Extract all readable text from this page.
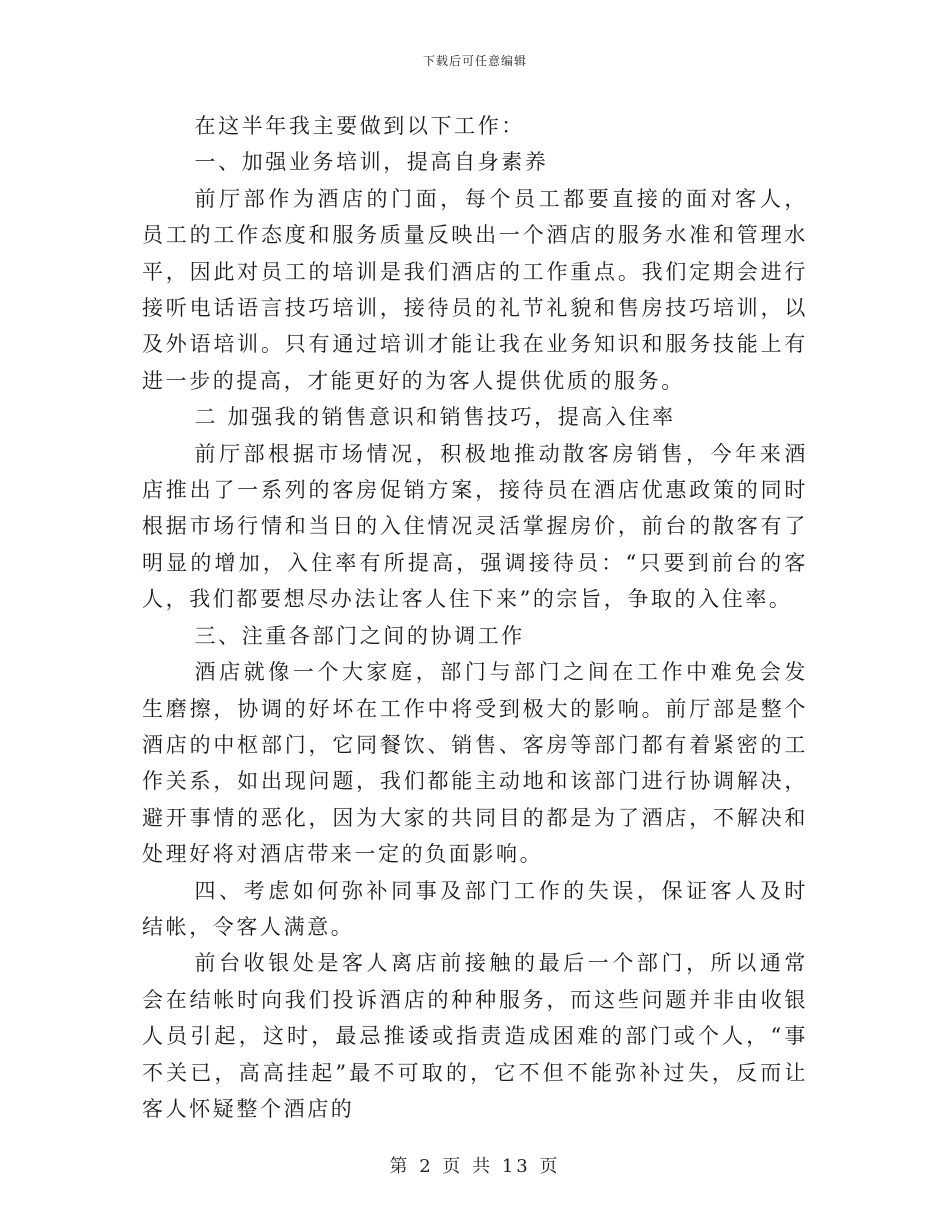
下载后可任意编辑

在这半年我主要做到以下工作：

一、加强业务培训，提高自身素养

前厅部作为酒店的门面，每个员工都要直接的面对客人，员工的工作态度和服务质量反映出一个酒店的服务水准和管理水平，因此对员工的培训是我们酒店的工作重点。我们定期会进行接听电话语言技巧培训，接待员的礼节礼貌和售房技巧培训，以及外语培训。只有通过培训才能让我在业务知识和服务技能上有进一步的提高，才能更好的为客人提供优质的服务。

二 加强我的销售意识和销售技巧，提高入住率

前厅部根据市场情况，积极地推动散客房销售，今年来酒店推出了一系列的客房促销方案，接待员在酒店优惠政策的同时根据市场行情和当日的入住情况灵活掌握房价，前台的散客有了明显的增加，入住率有所提高，强调接待员：“只要到前台的客人，我们都要想尽办法让客人住下来”的宗旨，争取的入住率。

三、注重各部门之间的协调工作

酒店就像一个大家庭，部门与部门之间在工作中难免会发生磨擦，协调的好坏在工作中将受到极大的影响。前厅部是整个酒店的中枢部门，它同餐饮、销售、客房等部门都有着紧密的工作关系，如出现问题，我们都能主动地和该部门进行协调解决，避开事情的恶化，因为大家的共同目的都是为了酒店，不解决和处理好将对酒店带来一定的负面影响。

四、考虑如何弥补同事及部门工作的失误，保证客人及时结帐，令客人满意。

前台收银处是客人离店前接触的最后一个部门，所以通常会在结帐时向我们投诉酒店的种种服务，而这些问题并非由收银人员引起，这时，最忌推诿或指责造成困难的部门或个人，“事不关已，高高挂起”最不可取的，它不但不能弥补过失，反而让客人怀疑整个酒店的

第 2 页 共 13 页
